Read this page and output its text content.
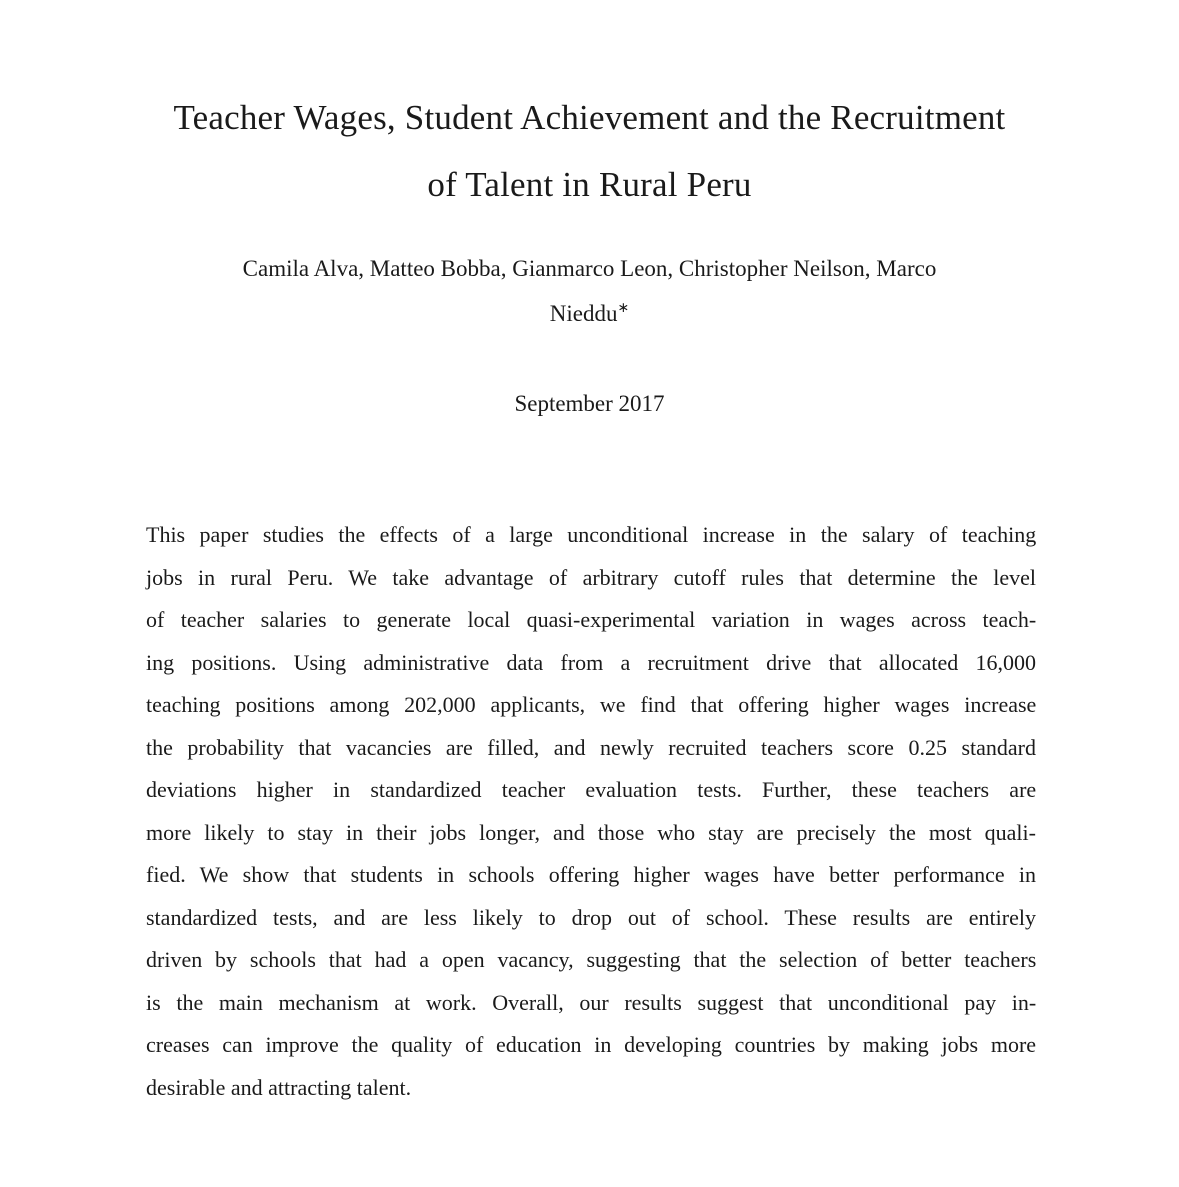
Teacher Wages, Student Achievement and the Recruitment
of Talent in Rural Peru
Camila Alva, Matteo Bobba, Gianmarco Leon, Christopher Neilson, Marco
Nieddu∗
September 2017
This paper studies the effects of a large unconditional increase in the salary of teaching
jobs in rural Peru. We take advantage of arbitrary cutoff rules that determine the level
of teacher salaries to generate local quasi-experimental variation in wages across teach-
ing positions. Using administrative data from a recruitment drive that allocated 16,000
teaching positions among 202,000 applicants, we find that offering higher wages increase
the probability that vacancies are filled, and newly recruited teachers score 0.25 standard
deviations higher in standardized teacher evaluation tests. Further, these teachers are
more likely to stay in their jobs longer, and those who stay are precisely the most quali-
fied. We show that students in schools offering higher wages have better performance in
standardized tests, and are less likely to drop out of school. These results are entirely
driven by schools that had a open vacancy, suggesting that the selection of better teachers
is the main mechanism at work. Overall, our results suggest that unconditional pay in-
creases can improve the quality of education in developing countries by making jobs more
desirable and attracting talent.
